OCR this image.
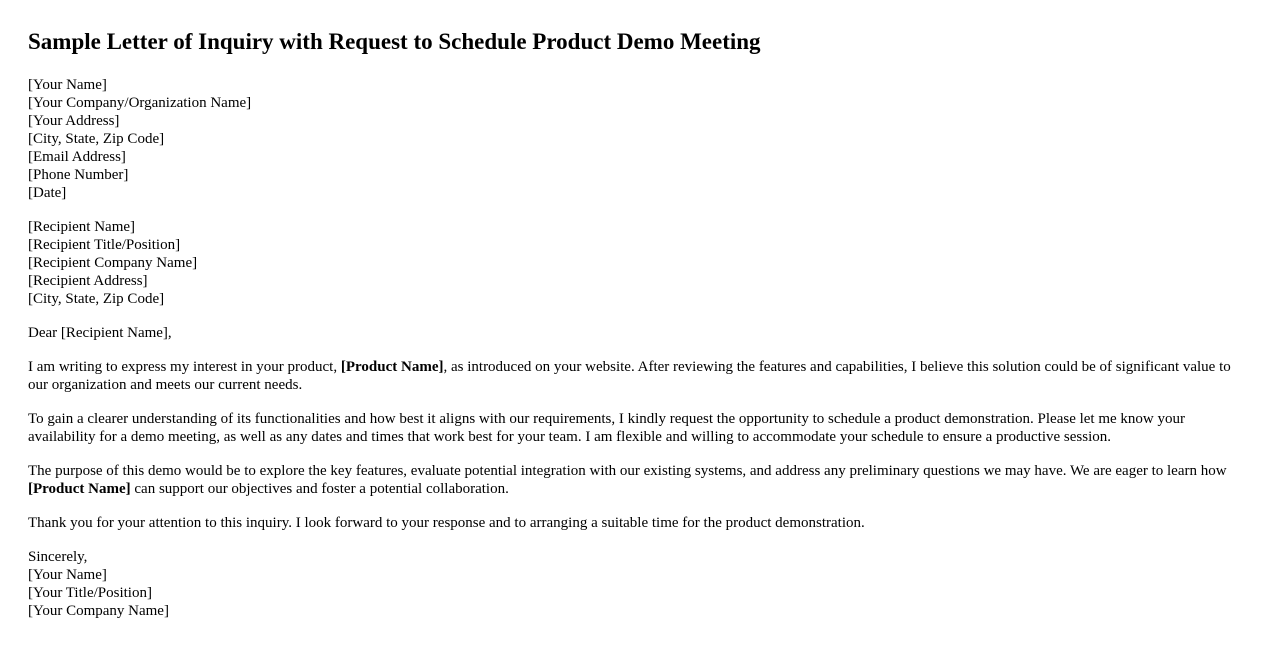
Sample Letter of Inquiry with Request to Schedule Product Demo Meeting
[Your Name]
[Your Company/Organization Name]
[Your Address]
[City, State, Zip Code]
[Email Address]
[Phone Number]
[Date]
[Recipient Name]
[Recipient Title/Position]
[Recipient Company Name]
[Recipient Address]
[City, State, Zip Code]

Dear [Recipient Name],

I am writing to express my interest in your product, [Product Name], as introduced on your website. After reviewing the features and capabilities, I believe this solution could be of significant value to our organization and meets our current needs.

To gain a clearer understanding of its functionalities and how best it aligns with our requirements, I kindly request the opportunity to schedule a product demonstration. Please let me know your availability for a demo meeting, as well as any dates and times that work best for your team. I am flexible and willing to accommodate your schedule to ensure a productive session.

The purpose of this demo would be to explore the key features, evaluate potential integration with our existing systems, and address any preliminary questions we may have. We are eager to learn how [Product Name] can support our objectives and foster a potential collaboration.

Thank you for your attention to this inquiry. I look forward to your response and to arranging a suitable time for the product demonstration.

Sincerely,
[Your Name]
[Your Title/Position]
[Your Company Name]
